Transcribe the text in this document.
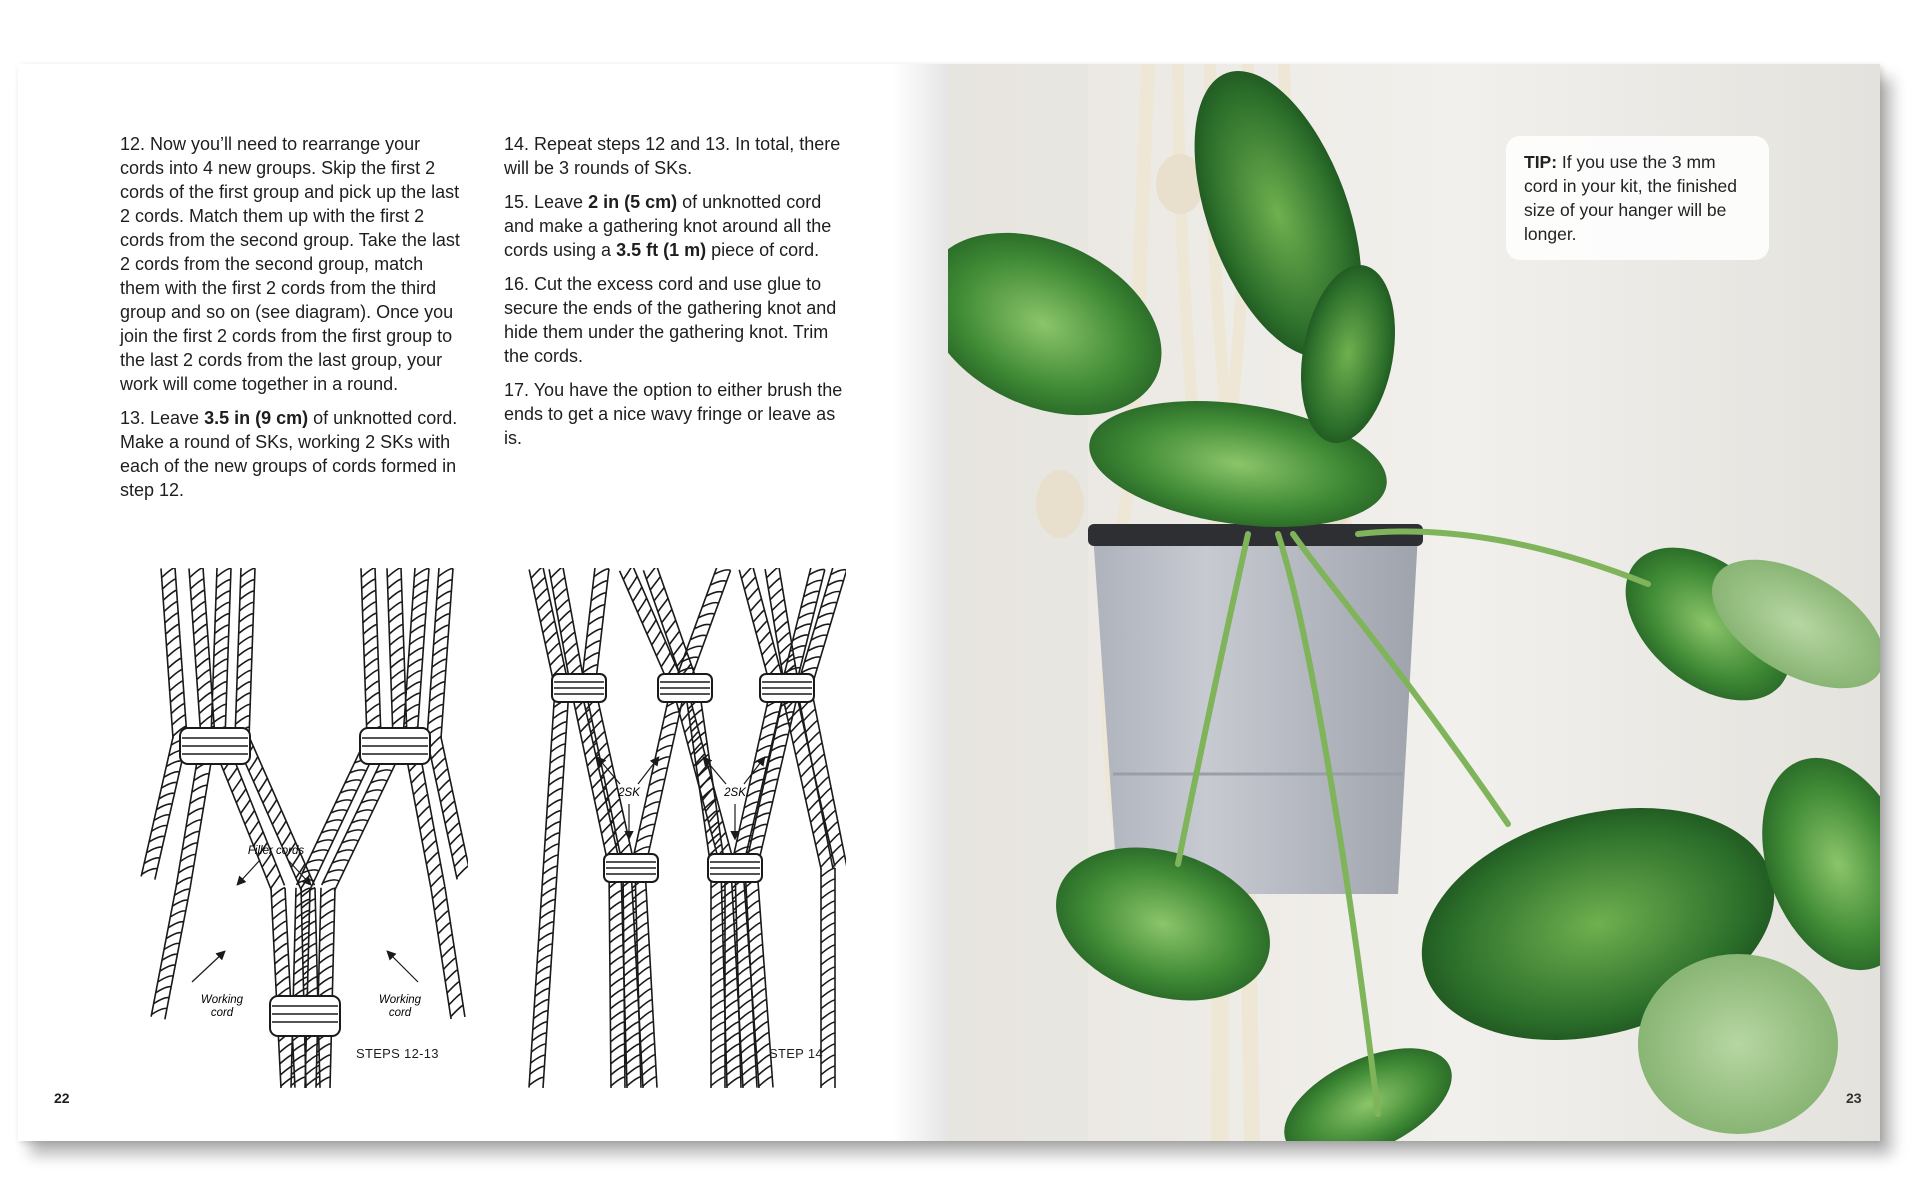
12. Now you’ll need to rearrange your cords into 4 new groups. Skip the first 2 cords of the first group and pick up the last 2 cords. Match them up with the first 2 cords from the second group. Take the last 2 cords from the second group, match them with the first 2 cords from the third group and so on (see diagram). Once you join the first 2 cords from the first group to the last 2 cords from the last group, your work will come together in a round.

13. Leave 3.5 in (9 cm) of unknotted cord. Make a round of SKs, working 2 SKs with each of the new groups of cords formed in step 12.

14. Repeat steps 12 and 13. In total, there will be 3 rounds of SKs.

15. Leave 2 in (5 cm) of unknotted cord and make a gathering knot around all the cords using a 3.5 ft (1 m) piece of cord.

16. Cut the excess cord and use glue to secure the ends of the gathering knot and hide them under the gathering knot. Trim the cords.

17. You have the option to either brush the ends to get a nice wavy fringe or leave as is.

Filler cords
Working
cord
Working
cord
STEPS 12-13
2SK	2SK
STEP 14
22
TIP: If you use the 3 mm cord in your kit, the finished size of your hanger will be longer.
23
